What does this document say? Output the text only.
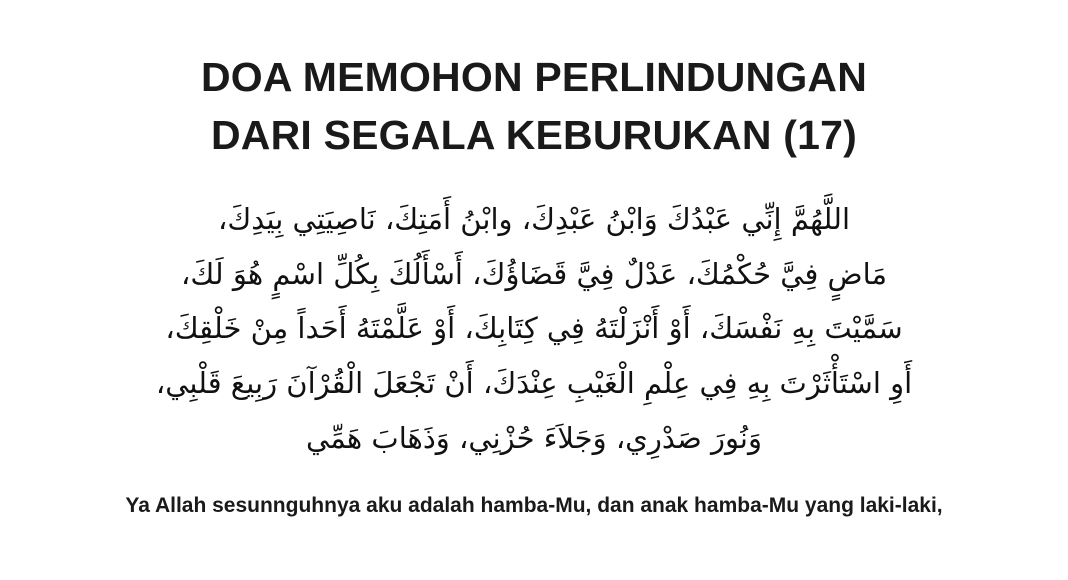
DOA MEMOHON PERLINDUNGAN
DARI SEGALA KEBURUKAN (17)
اللَّهُمَّ إِنِّي عَبْدُكَ وَابْنُ عَبْدِكَ، وابْنُ أَمَتِكَ، نَاصِيَتِي بِيَدِكَ،
مَاضٍ فِيَّ حُكْمُكَ، عَدْلٌ فِيَّ قَضَاؤُكَ، أَسْأَلُكَ بِكُلِّ اسْمٍ هُوَ لَكَ،
سَمَّيْتَ بِهِ نَفْسَكَ، أَوْ أَنْزَلْتَهُ فِي كِتَابِكَ، أَوْ عَلَّمْتَهُ أَحَداً مِنْ خَلْقِكَ،
أَوِ اسْتَأْثَرْتَ بِهِ فِي عِلْمِ الْغَيْبِ عِنْدَكَ، أَنْ تَجْعَلَ الْقُرْآنَ رَبِيعَ قَلْبِي،
وَنُورَ صَدْرِي، وَجَلاَءَ حُزْنِي، وَذَهَابَ هَمِّي
Ya Allah sesunnguhnya aku adalah hamba-Mu, dan anak hamba-Mu yang laki-laki,
